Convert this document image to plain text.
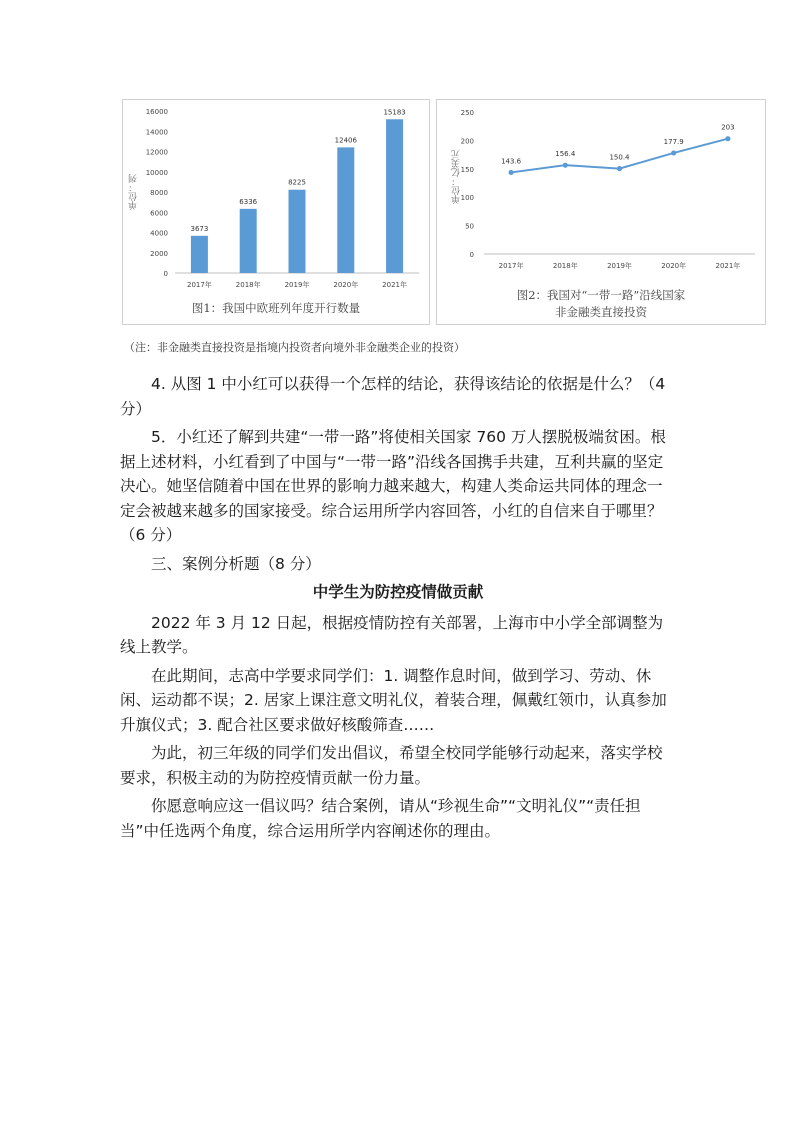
0
2000
4000
6000
8000
10000
12000
14000
16000
3673
2017年
6336
2018年
8225
2019年
12406
2020年
15183
2021年
单位：列
图1：我国中欧班列年度开行数量
0
50
100
150
200
250
143.6
2017年
156.4
2018年
150.4
2019年
177.9
2020年
203
2021年
单位：亿美元
图2：我国对“一带一路”沿线国家
非金融类直接投资
（注：非金融类直接投资是指境内投资者向境外非金融类企业的投资）

4. 从图 1 中小红可以获得一个怎样的结论，获得该结论的依据是什么？（4 分）

5．小红还了解到共建“一带一路”将使相关国家 760 万人摆脱极端贫困。根据上述材料，小红看到了中国与“一带一路”沿线各国携手共建，互利共赢的坚定决心。她坚信随着中国在世界的影响力越来越大，构建人类命运共同体的理念一定会被越来越多的国家接受。综合运用所学内容回答，小红的自信来自于哪里？（6 分）

三、案例分析题（8 分）

中学生为防控疫情做贡献

2022 年 3 月 12 日起，根据疫情防控有关部署，上海市中小学全部调整为线上教学。

在此期间，志高中学要求同学们：1. 调整作息时间，做到学习、劳动、休闲、运动都不误；2. 居家上课注意文明礼仪，着装合理，佩戴红领巾，认真参加升旗仪式；3. 配合社区要求做好核酸筛查……

为此，初三年级的同学们发出倡议，希望全校同学能够行动起来，落实学校要求，积极主动的为防控疫情贡献一份力量。

你愿意响应这一倡议吗？结合案例，请从“珍视生命”“文明礼仪”“责任担当”中任选两个角度，综合运用所学内容阐述你的理由。
